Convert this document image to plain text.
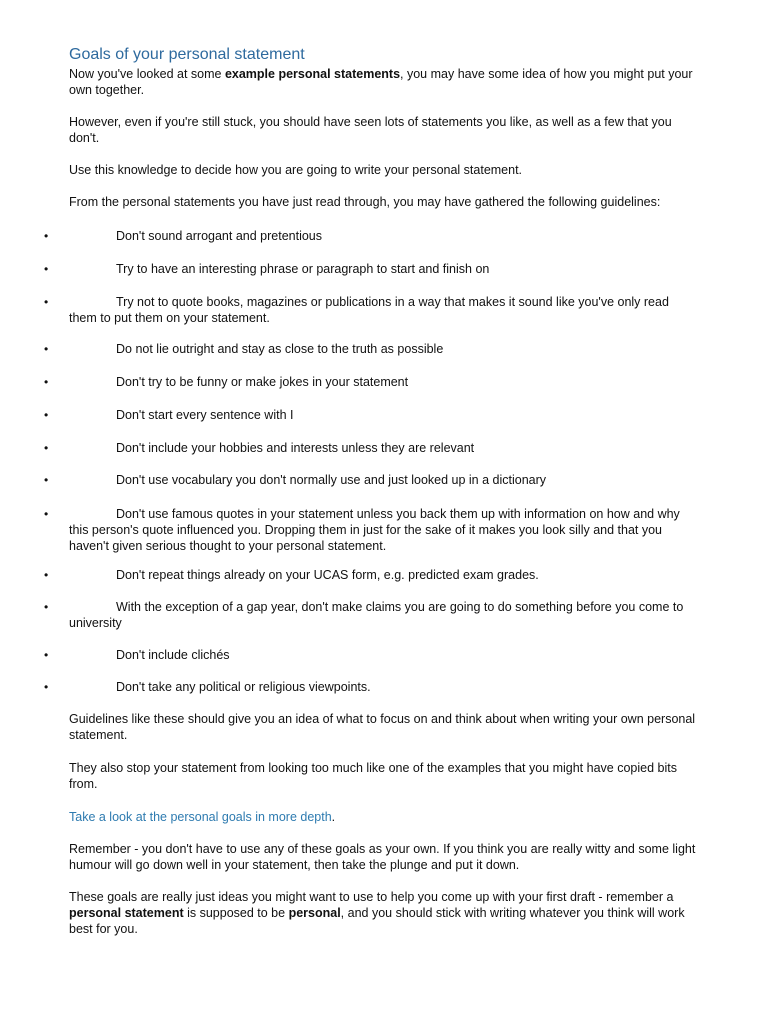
Goals of your personal statement

Now you've looked at some example personal statements, you may have some idea of how you might put your own together.

However, even if you're still stuck, you should have seen lots of statements you like, as well as a few that you don't.

Use this knowledge to decide how you are going to write your personal statement.

From the personal statements you have just read through, you may have gathered the following guidelines:

•	Don't sound arrogant and pretentious
•	Try to have an interesting phrase or paragraph to start and finish on
•	Try not to quote books, magazines or publications in a way that makes it sound like you've only read them to put them on your statement.
•	Do not lie outright and stay as close to the truth as possible
•	Don't try to be funny or make jokes in your statement
•	Don't start every sentence with I
•	Don't include your hobbies and interests unless they are relevant
•	Don't use vocabulary you don't normally use and just looked up in a dictionary
•	Don't use famous quotes in your statement unless you back them up with information on how and why this person's quote influenced you. Dropping them in just for the sake of it makes you look silly and that you haven't given serious thought to your personal statement.
•	Don't repeat things already on your UCAS form, e.g. predicted exam grades.
•	With the exception of a gap year, don't make claims you are going to do something before you come to university
•	Don't include clichés
•	Don't take any political or religious viewpoints.

Guidelines like these should give you an idea of what to focus on and think about when writing your own personal statement.

They also stop your statement from looking too much like one of the examples that you might have copied bits from.

Take a look at the personal goals in more depth.

Remember - you don't have to use any of these goals as your own. If you think you are really witty and some light humour will go down well in your statement, then take the plunge and put it down.

These goals are really just ideas you might want to use to help you come up with your first draft - remember a personal statement is supposed to be personal, and you should stick with writing whatever you think will work best for you.
